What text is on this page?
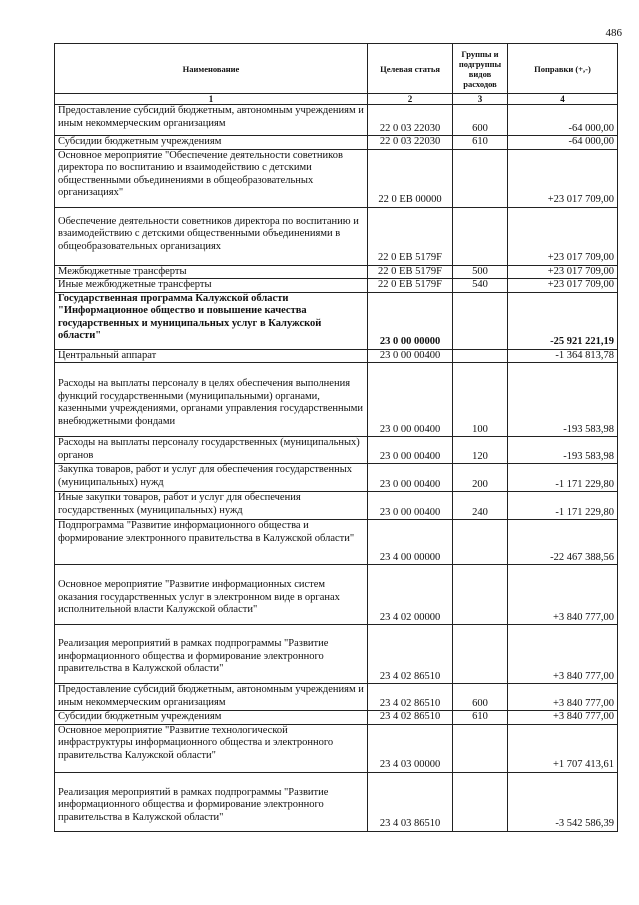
486
Наименование	Целевая статья	Группы и подгруппы видов расходов	Поправки (+,-)
1	2	3	4
Предоставление субсидий бюджетным, автономным учреждениям и иным некоммерческим организациям	22 0 03 22030	600	-64 000,00
Субсидии бюджетным учреждениям	22 0 03 22030	610	-64 000,00
Основное мероприятие "Обеспечение деятельности советников директора по воспитанию и взаимодействию с детскими общественными объединениями в общеобразовательных организациях"	22 0 EB 00000		+23 017 709,00
Обеспечение деятельности советников директора по воспитанию и взаимодействию с детскими общественными объединениями в общеобразовательных организациях	22 0 EB 5179F		+23 017 709,00
Межбюджетные трансферты	22 0 EB 5179F	500	+23 017 709,00
Иные межбюджетные трансферты	22 0 EB 5179F	540	+23 017 709,00
Государственная программа Калужской области "Информационное общество и повышение качества государственных и муниципальных услуг в Калужской области"	23 0 00 00000		-25 921 221,19
Центральный аппарат	23 0 00 00400		-1 364 813,78
Расходы на выплаты персоналу в целях обеспечения выполнения функций государственными (муниципальными) органами, казенными учреждениями, органами управления государственными внебюджетными фондами	23 0 00 00400	100	-193 583,98
Расходы на выплаты персоналу государственных (муниципальных) органов	23 0 00 00400	120	-193 583,98
Закупка товаров, работ и услуг для обеспечения государственных (муниципальных) нужд	23 0 00 00400	200	-1 171 229,80
Иные закупки товаров, работ и услуг для обеспечения государственных (муниципальных) нужд	23 0 00 00400	240	-1 171 229,80
Подпрограмма "Развитие информационного общества и формирование электронного правительства в Калужской области"	23 4 00 00000		-22 467 388,56
Основное мероприятие "Развитие информационных систем оказания государственных услуг в электронном виде в органах исполнительной власти Калужской области"	23 4 02 00000		+3 840 777,00
Реализация мероприятий в рамках подпрограммы "Развитие информационного общества и формирование электронного правительства в Калужской области"	23 4 02 86510		+3 840 777,00
Предоставление субсидий бюджетным, автономным учреждениям и иным некоммерческим организациям	23 4 02 86510	600	+3 840 777,00
Субсидии бюджетным учреждениям	23 4 02 86510	610	+3 840 777,00
Основное мероприятие "Развитие технологической инфраструктуры информационного общества и электронного правительства Калужской области"	23 4 03 00000		+1 707 413,61
Реализация мероприятий в рамках подпрограммы "Развитие информационного общества и формирование электронного правительства в Калужской области"	23 4 03 86510		-3 542 586,39
